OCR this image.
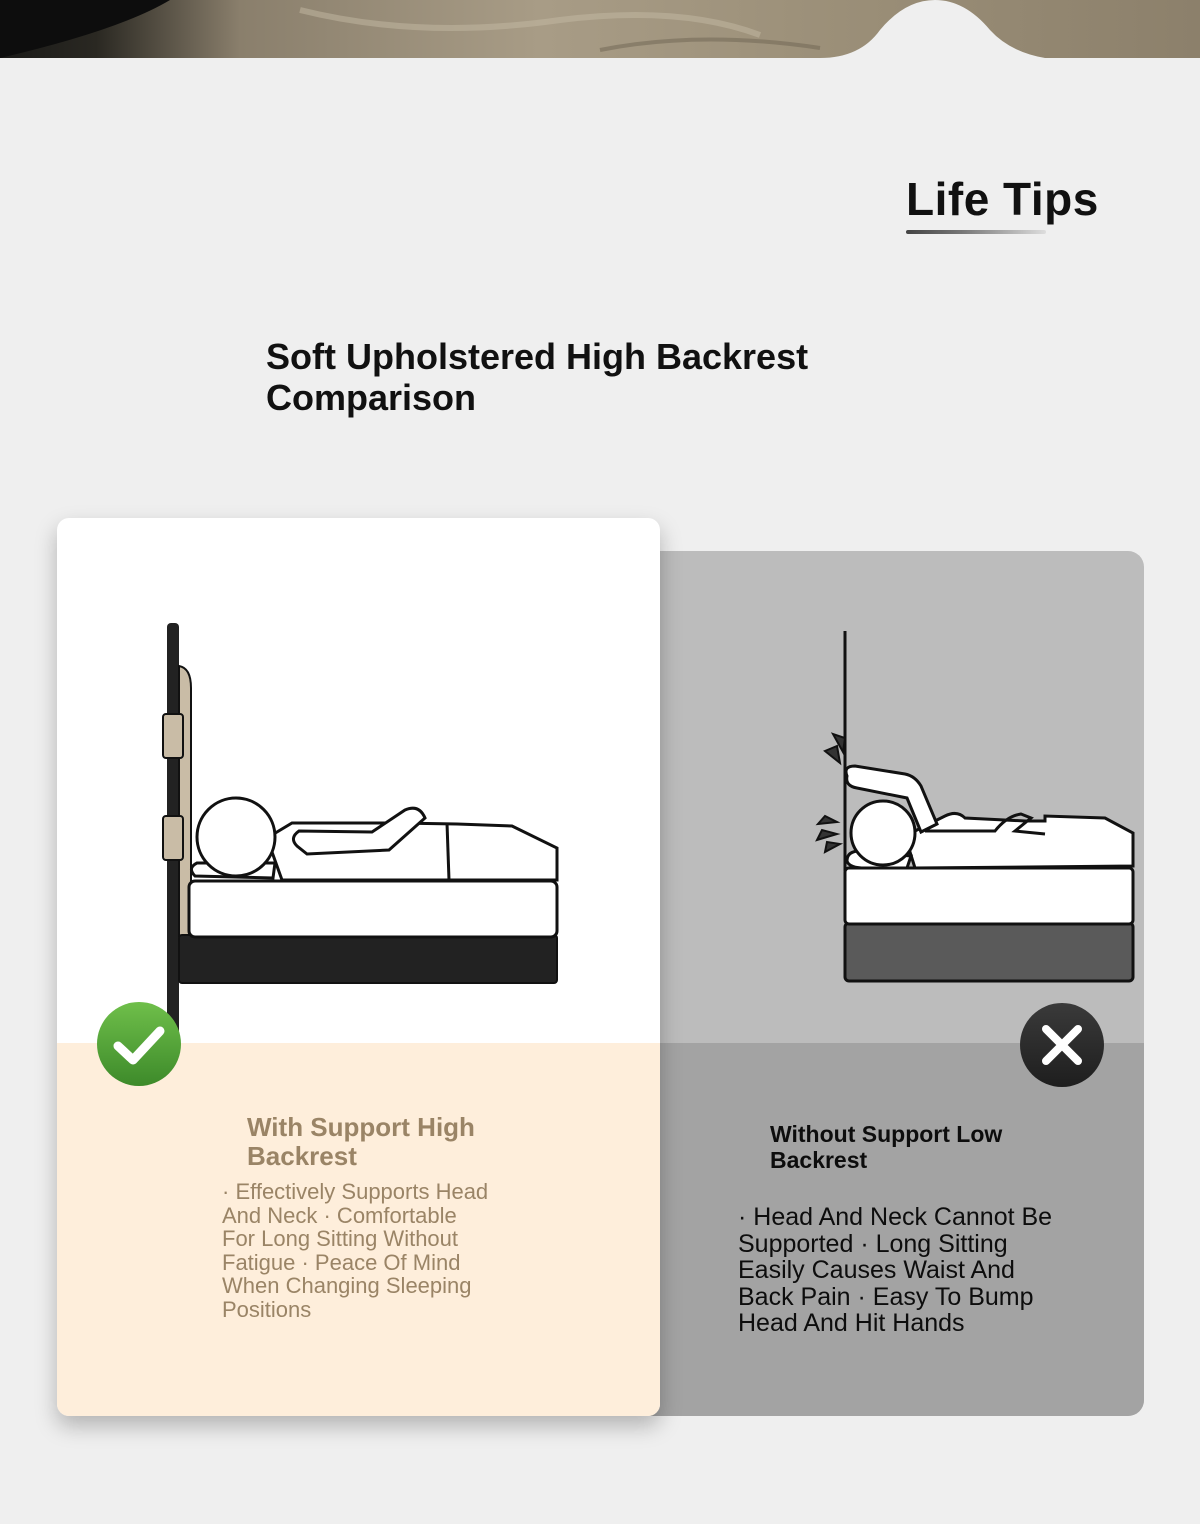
Life Tips
Soft Upholstered High Backrest Comparison
With Support High Backrest
· Effectively Supports Head And Neck · Comfortable For Long Sitting Without Fatigue · Peace Of Mind When Changing Sleeping Positions
Without Support Low Backrest
· Head And Neck Cannot Be Supported · Long Sitting Easily Causes Waist And Back Pain · Easy To Bump Head And Hit Hands
